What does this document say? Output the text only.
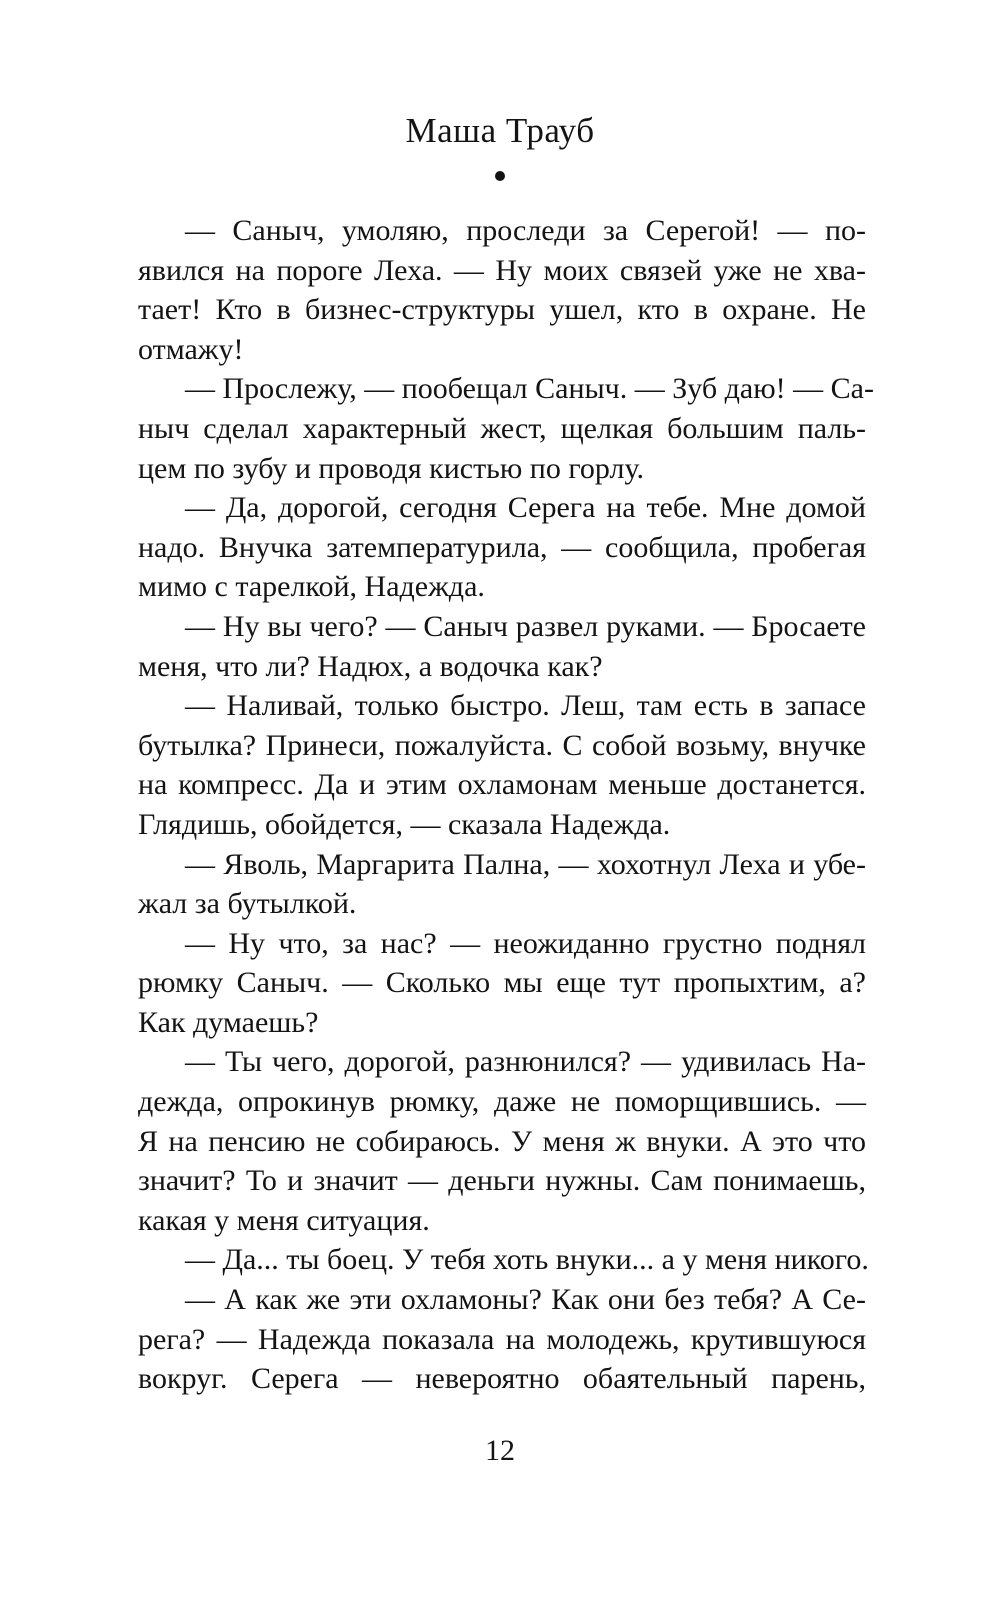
Маша Трауб
— Саныч, умоляю, проследи за Серегой! — по-
явился на пороге Леха. — Ну моих связей уже не хва-
тает! Кто в бизнес-структуры ушел, кто в охране. Не
отмажу!
— Прослежу, — пообещал Саныч. — Зуб даю! — Са-
ныч сделал характерный жест, щелкая большим паль-
цем по зубу и проводя кистью по горлу.
— Да, дорогой, сегодня Серега на тебе. Мне домой
надо. Внучка затемпературила, — сообщила, пробегая
мимо с тарелкой, Надежда.
— Ну вы чего? — Саныч развел руками. — Бросаете
меня, что ли? Надюх, а водочка как?
— Наливай, только быстро. Леш, там есть в запасе
бутылка? Принеси, пожалуйста. С собой возьму, внучке
на компресс. Да и этим охламонам меньше достанется.
Глядишь, обойдется, — сказала Надежда.
— Яволь, Маргарита Пална, — хохотнул Леха и убе-
жал за бутылкой.
— Ну что, за нас? — неожиданно грустно поднял
рюмку Саныч. — Сколько мы еще тут пропыхтим, а?
Как думаешь?
— Ты чего, дорогой, разнюнился? — удивилась На-
дежда, опрокинув рюмку, даже не поморщившись. —
Я на пенсию не собираюсь. У меня ж внуки. А это что
значит? То и значит — деньги нужны. Сам понимаешь,
какая у меня ситуация.
— Да... ты боец. У тебя хоть внуки... а у меня никого.
— А как же эти охламоны? Как они без тебя? А Се-
рега? — Надежда показала на молодежь, крутившуюся
вокруг. Серега — невероятно обаятельный парень,
12
